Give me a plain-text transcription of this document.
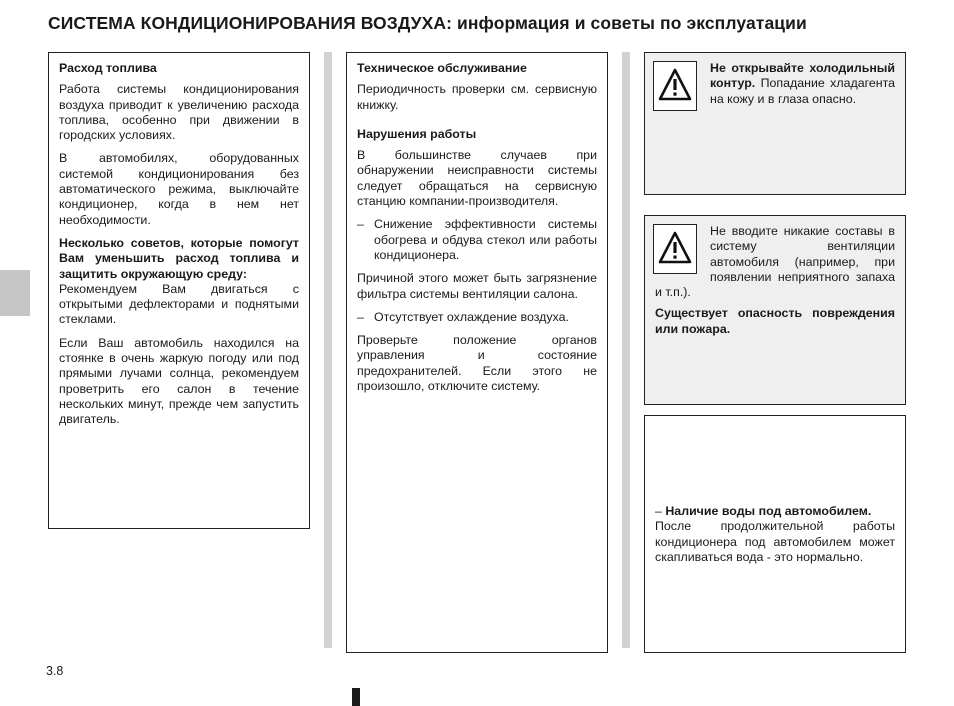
СИСТЕМА КОНДИЦИОНИРОВАНИЯ ВОЗДУХА: информация и советы по эксплуатации

Расход топлива

Работа системы кондиционирования воздуха приводит к увеличению расхода топлива, особенно при движении в городских условиях.

В автомобилях, оборудованных системой кондиционирования без автоматического режима, выключайте кондиционер, когда в нем нет необходимости.

Несколько советов, которые помогут Вам уменьшить расход топлива и защитить окружающую среду:

Рекомендуем Вам двигаться с открытыми дефлекторами и поднятыми стеклами.

Если Ваш автомобиль находился на стоянке в очень жаркую погоду или под прямыми лучами солнца, рекомендуем проветрить его салон в течение нескольких минут, прежде чем запустить двигатель.

Техническое обслуживание

Периодичность проверки см. сервисную книжку.

Нарушения работы

В большинстве случаев при обнаружении неисправности системы следует обращаться на сервисную станцию компании-производителя.

– Снижение эффективности системы обогрева и обдува стекол или работы кондиционера.

Причиной этого может быть загрязнение фильтра системы вентиляции салона.

– Отсутствует охлаждение воздуха.

Проверьте положение органов управления и состояние предохранителей. Если этого не произошло, отключите систему.

Не открывайте холодильный контур. Попадание хладагента на кожу и в глаза опасно.

Не вводите никакие составы в систему вентиляции автомобиля (например, при появлении неприятного запаха и т.п.).

Существует опасность повреждения или пожара.

– Наличие воды под автомобилем.

После продолжительной работы кондиционера под автомобилем может скапливаться вода - это нормально.

3.8
